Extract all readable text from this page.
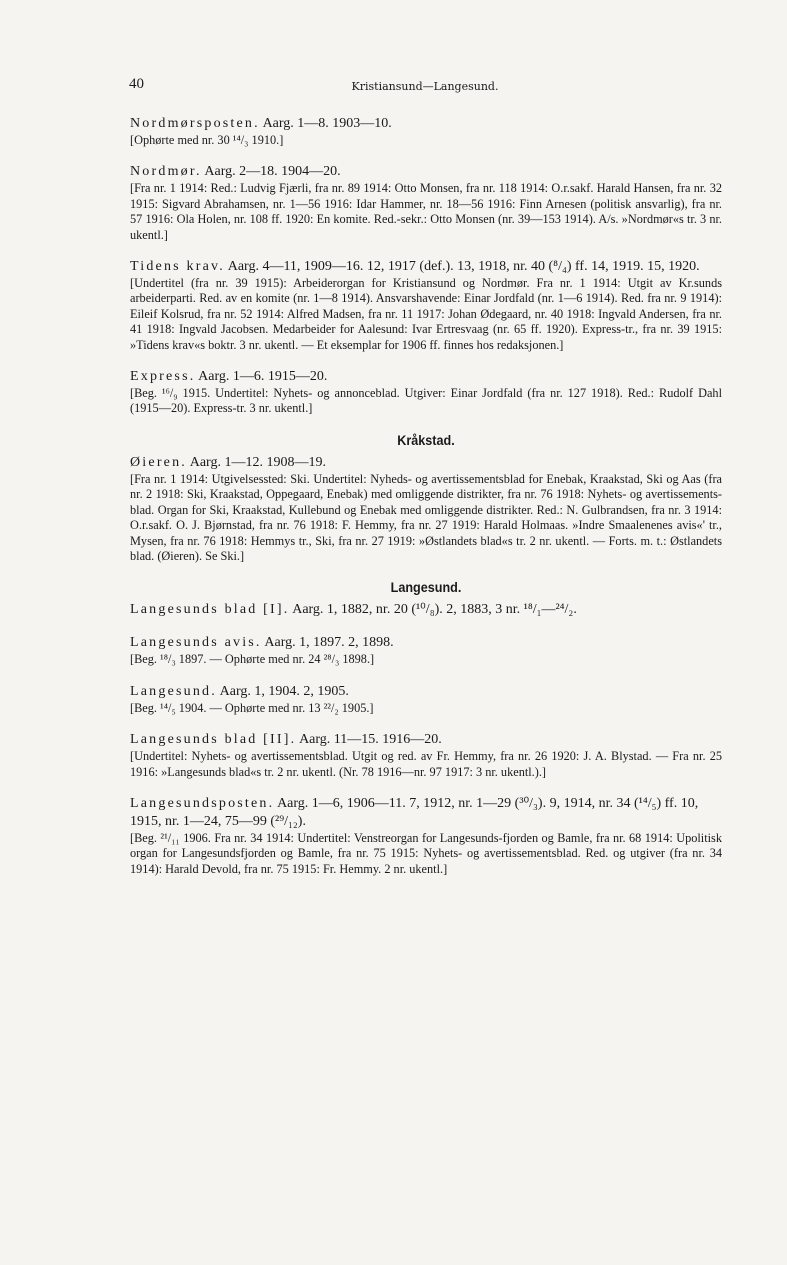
40	Kristiansund—Langesund.
Nordmørsposten. Aarg. 1—8. 1903—10.
[Ophørte med nr. 30 ¹⁴/₃ 1910.]
Nordmør. Aarg. 2—18. 1904—20.
[Fra nr. 1 1914: Red.: Ludvig Fjærli, fra nr. 89 1914: Otto Monsen, fra nr. 118 1914: O.r.sakf. Harald Hansen, fra nr. 32 1915: Sigvard Abrahamsen, nr. 1—56 1916: Idar Hammer, nr. 18—56 1916: Finn Arnesen (politisk ansvarlig), fra nr. 57 1916: Ola Holen, nr. 108 ff. 1920: En komite. Red.-sekr.: Otto Monsen (nr. 39—153 1914). A/s. »Nordmør«s tr. 3 nr. ukentl.]
Tidens krav. Aarg. 4—11, 1909—16. 12, 1917 (def.). 13, 1918, nr. 40 (⁸/₄) ff. 14, 1919. 15, 1920.
[Undertitel (fra nr. 39 1915): Arbeiderorgan for Kristiansund og Nordmør. Fra nr. 1 1914: Utgit av Kr.sunds arbeiderparti. Red. av en komite (nr. 1—8 1914). Ansvarshavende: Einar Jordfald (nr. 1—6 1914). Red. fra nr. 9 1914): Eileif Kolsrud, fra nr. 52 1914: Alfred Madsen, fra nr. 11 1917: Johan Ødegaard, nr. 40 1918: Ingvald Andersen, fra nr. 41 1918: Ingvald Jacobsen. Medarbeider for Aalesund: Ivar Ertresvaag (nr. 65 ff. 1920). Express-tr., fra nr. 39 1915: »Tidens krav«s boktr. 3 nr. ukentl. — Et eksemplar for 1906 ff. finnes hos redaksjonen.]
Express. Aarg. 1—6. 1915—20.
[Beg. ¹⁶/₉ 1915. Undertitel: Nyhets- og annonceblad. Utgiver: Einar Jordfald (fra nr. 127 1918). Red.: Rudolf Dahl (1915—20). Express-tr. 3 nr. ukentl.]
Kråkstad.
Øieren. Aarg. 1—12. 1908—19.
[Fra nr. 1 1914: Utgivelsessted: Ski. Undertitel: Nyheds- og avertissementsblad for Enebak, Kraakstad, Ski og Aas (fra nr. 2 1918: Ski, Kraakstad, Oppegaard, Enebak) med omliggende distrikter, fra nr. 76 1918: Nyhets- og avertissements-blad. Organ for Ski, Kraakstad, Kullebund og Enebak med omliggende distrikter. Red.: N. Gulbrandsen, fra nr. 3 1914: O.r.sakf. O. J. Bjørnstad, fra nr. 76 1918: F. Hemmy, fra nr. 27 1919: Harald Holmaas. »Indre Smaalenenes avis«' tr., Mysen, fra nr. 76 1918: Hemmys tr., Ski, fra nr. 27 1919: »Østlandets blad«s tr. 2 nr. ukentl. — Forts. m. t.: Østlandets blad. (Øieren). Se Ski.]
Langesund.
Langesunds blad [I]. Aarg. 1, 1882, nr. 20 (¹⁰/₈). 2, 1883, 3 nr. ¹⁸/₁—²⁴/₂.
Langesunds avis. Aarg. 1, 1897. 2, 1898.
[Beg. ¹⁸/₃ 1897. — Ophørte med nr. 24 ²⁸/₃ 1898.]
Langesund. Aarg. 1, 1904. 2, 1905.
[Beg. ¹⁴/₅ 1904. — Ophørte med nr. 13 ²²/₂ 1905.]
Langesunds blad [II]. Aarg. 11—15. 1916—20.
[Undertitel: Nyhets- og avertissementsblad. Utgit og red. av Fr. Hemmy, fra nr. 26 1920: J. A. Blystad. — Fra nr. 25 1916: »Langesunds blad«s tr. 2 nr. ukentl. (Nr. 78 1916—nr. 97 1917: 3 nr. ukentl.).]
Langesundsposten. Aarg. 1—6, 1906—11. 7, 1912, nr. 1—29 (³⁰/₃). 9, 1914, nr. 34 (¹⁴/₅) ff. 10, 1915, nr. 1—24, 75—99 (²⁹/₁₂).
[Beg. ²¹/₁₁ 1906. Fra nr. 34 1914: Undertitel: Venstreorgan for Langesunds-fjorden og Bamle, fra nr. 68 1914: Upolitisk organ for Langesundsfjorden og Bamle, fra nr. 75 1915: Nyhets- og avertissementsblad. Red. og utgiver (fra nr. 34 1914): Harald Devold, fra nr. 75 1915: Fr. Hemmy. 2 nr. ukentl.]
